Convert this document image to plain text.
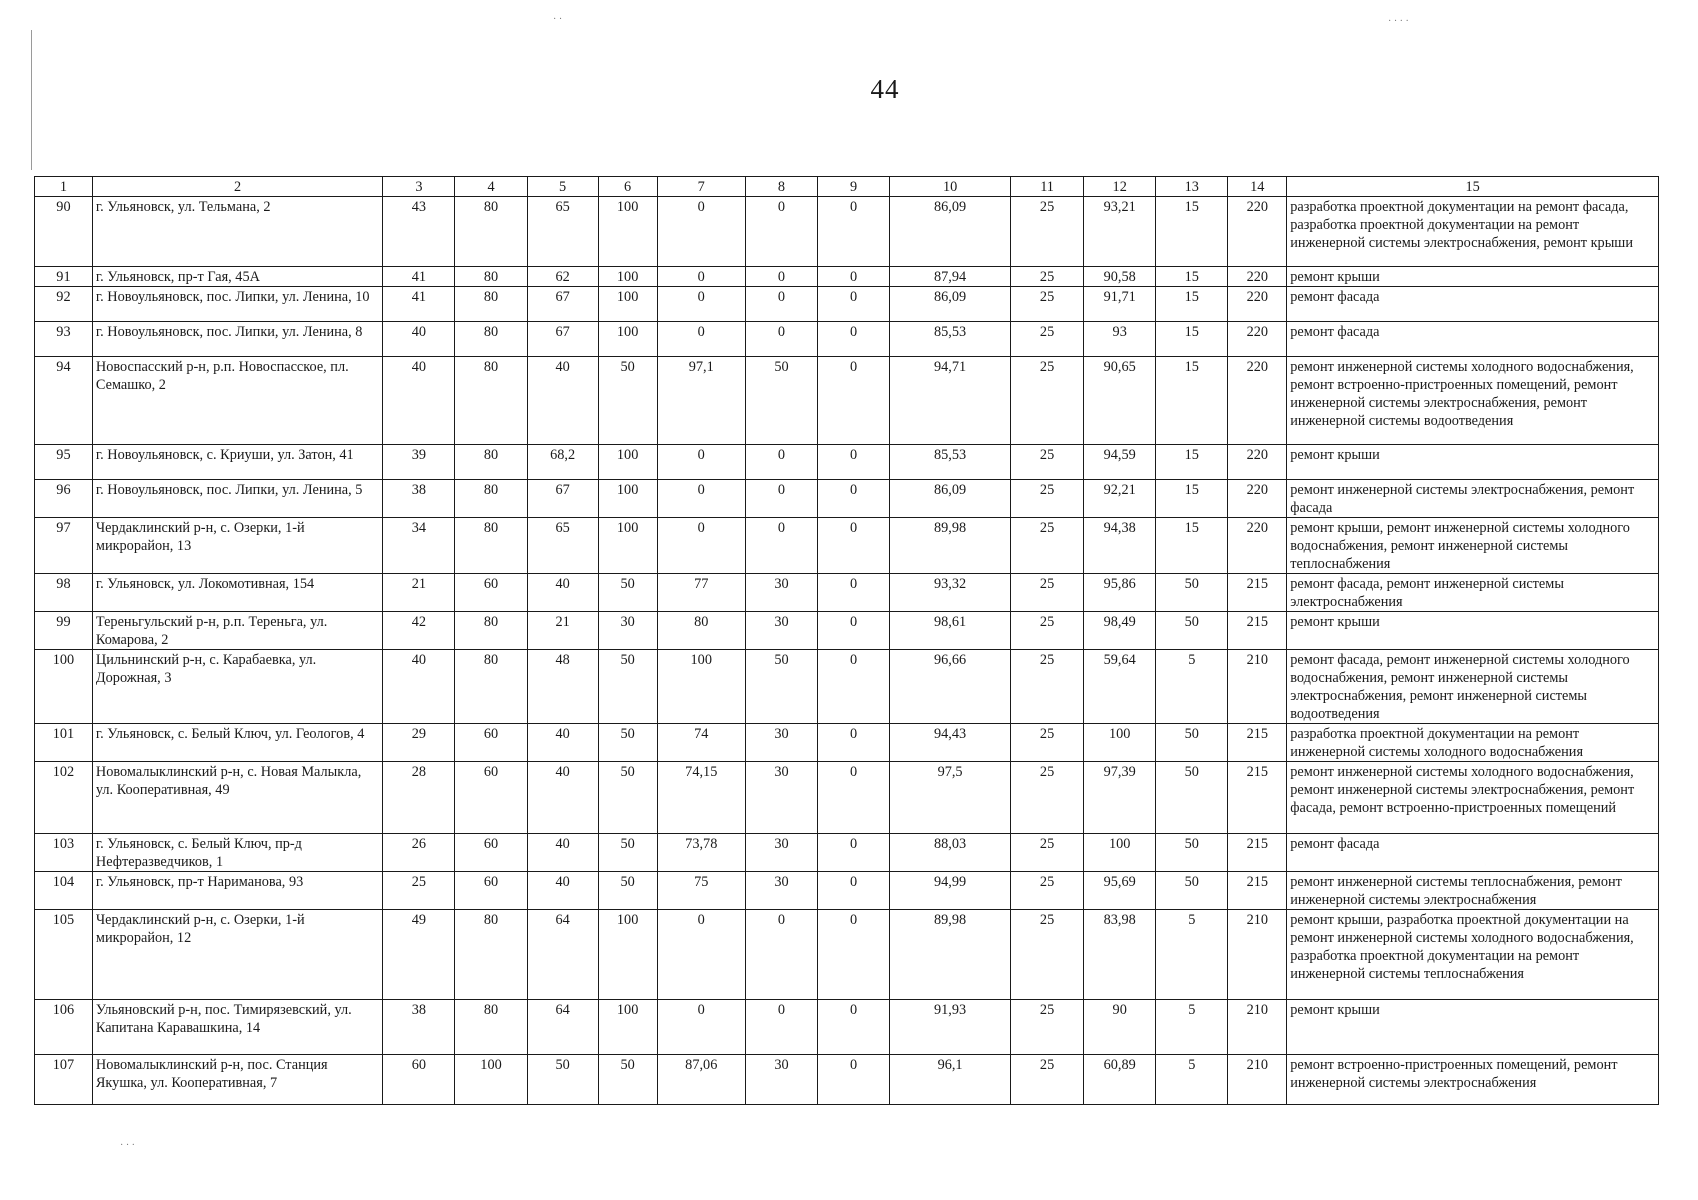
44
1	2	3	4	5	6	7	8	9	10	11	12	13	14	15
90	г. Ульяновск, ул. Тельмана, 2	43	80	65	100	0	0	0	86,09	25	93,21	15	220	разработка проектной документации на ремонт фасада, разработка проектной документации на ремонт инженерной системы электроснабжения, ремонт крыши
91	г. Ульяновск, пр-т Гая, 45А	41	80	62	100	0	0	0	87,94	25	90,58	15	220	ремонт крыши
92	г. Новоульяновск, пос. Липки, ул. Ленина, 10	41	80	67	100	0	0	0	86,09	25	91,71	15	220	ремонт фасада
93	г. Новоульяновск, пос. Липки, ул. Ленина, 8	40	80	67	100	0	0	0	85,53	25	93	15	220	ремонт фасада
94	Новоспасский р-н, р.п. Новоспасское, пл. Семашко, 2	40	80	40	50	97,1	50	0	94,71	25	90,65	15	220	ремонт инженерной системы холодного водоснабжения, ремонт встроенно-пристроенных помещений, ремонт инженерной системы электроснабжения, ремонт инженерной системы водоотведения
95	г. Новоульяновск, с. Криуши, ул. Затон, 41	39	80	68,2	100	0	0	0	85,53	25	94,59	15	220	ремонт крыши
96	г. Новоульяновск, пос. Липки, ул. Ленина, 5	38	80	67	100	0	0	0	86,09	25	92,21	15	220	ремонт инженерной системы электроснабжения, ремонт фасада
97	Чердаклинский р-н, с. Озерки, 1-й микрорайон, 13	34	80	65	100	0	0	0	89,98	25	94,38	15	220	ремонт крыши, ремонт инженерной системы холодного водоснабжения, ремонт инженерной системы теплоснабжения
98	г. Ульяновск, ул. Локомотивная, 154	21	60	40	50	77	30	0	93,32	25	95,86	50	215	ремонт фасада, ремонт инженерной системы электроснабжения
99	Тереньгульский р-н, р.п. Тереньга, ул. Комарова, 2	42	80	21	30	80	30	0	98,61	25	98,49	50	215	ремонт крыши
100	Цильнинский р-н, с. Карабаевка, ул. Дорожная, 3	40	80	48	50	100	50	0	96,66	25	59,64	5	210	ремонт фасада, ремонт инженерной системы холодного водоснабжения, ремонт инженерной системы электроснабжения, ремонт инженерной системы водоотведения
101	г. Ульяновск, с. Белый Ключ, ул. Геологов, 4	29	60	40	50	74	30	0	94,43	25	100	50	215	разработка проектной документации на ремонт инженерной системы холодного водоснабжения
102	Новомалыклинский р-н, с. Новая Малыкла, ул. Кооперативная, 49	28	60	40	50	74,15	30	0	97,5	25	97,39	50	215	ремонт инженерной системы холодного водоснабжения, ремонт инженерной системы электроснабжения, ремонт фасада, ремонт встроенно-пристроенных помещений
103	г. Ульяновск, с. Белый Ключ, пр-д Нефтеразведчиков, 1	26	60	40	50	73,78	30	0	88,03	25	100	50	215	ремонт фасада
104	г. Ульяновск, пр-т Нариманова, 93	25	60	40	50	75	30	0	94,99	25	95,69	50	215	ремонт инженерной системы теплоснабжения, ремонт инженерной системы электроснабжения
105	Чердаклинский р-н, с. Озерки, 1-й микрорайон, 12	49	80	64	100	0	0	0	89,98	25	83,98	5	210	ремонт крыши, разработка проектной документации на ремонт инженерной системы холодного водоснабжения, разработка проектной документации на ремонт инженерной системы теплоснабжения
106	Ульяновский р-н, пос. Тимирязевский, ул. Капитана Каравашкина, 14	38	80	64	100	0	0	0	91,93	25	90	5	210	ремонт крыши
107	Новомалыклинский р-н, пос. Станция Якушка, ул. Кооперативная, 7	60	100	50	50	87,06	30	0	96,1	25	60,89	5	210	ремонт встроенно-пристроенных помещений, ремонт инженерной системы электроснабжения
· ·	· · · ·
· · ·
